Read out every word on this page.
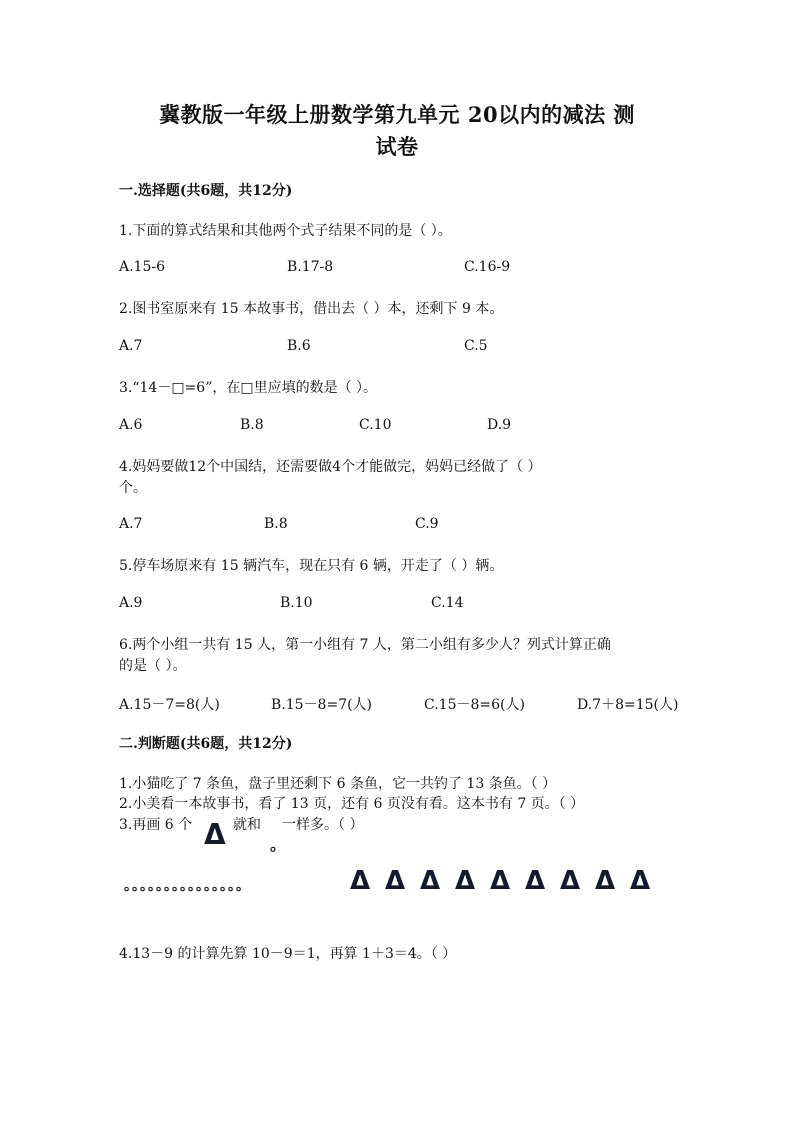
冀教版一年级上册数学第九单元 20以内的减法 测
试卷
一.选择题(共6题，共12分)
1.下面的算式结果和其他两个式子结果不同的是（ ）。
A.15-6	B.17-8	C.16-9
2.图书室原来有 15 本故事书，借出去（ ）本，还剩下 9 本。
A.7	B.6	C.5
3.“14－□=6”，在□里应填的数是（ ）。
A.6	B.8	C.10	D.9
4.妈妈要做12个中国结，还需要做4个才能做完，妈妈已经做了（ ）
个。
A.7	B.8	C.9
5.停车场原来有 15 辆汽车，现在只有 6 辆，开走了（ ）辆。
A.9	B.10	C.14
6.两个小组一共有 15 人，第一小组有 7 人，第二小组有多少人？列式计算正确
的是（ ）。
A.15－7=8(人)	B.15－8=7(人)	C.15－8=6(人)	D.7＋8=15(人)
二.判断题(共6题，共12分)
1.小猫吃了 7 条鱼，盘子里还剩下 6 条鱼，它一共钓了 13 条鱼。（ ）
2.小美看一本故事书，看了 13 页，还有 6 页没有看。这本书有 7 页。（ ）
3.再画 6 个 Δ 就和
。
一样多。（ ）
。。。。。。。。。。。。。。。	Δ Δ Δ Δ Δ Δ Δ Δ Δ
4.13－9 的计算先算 10－9＝1，再算 1＋3＝4。（ ）
